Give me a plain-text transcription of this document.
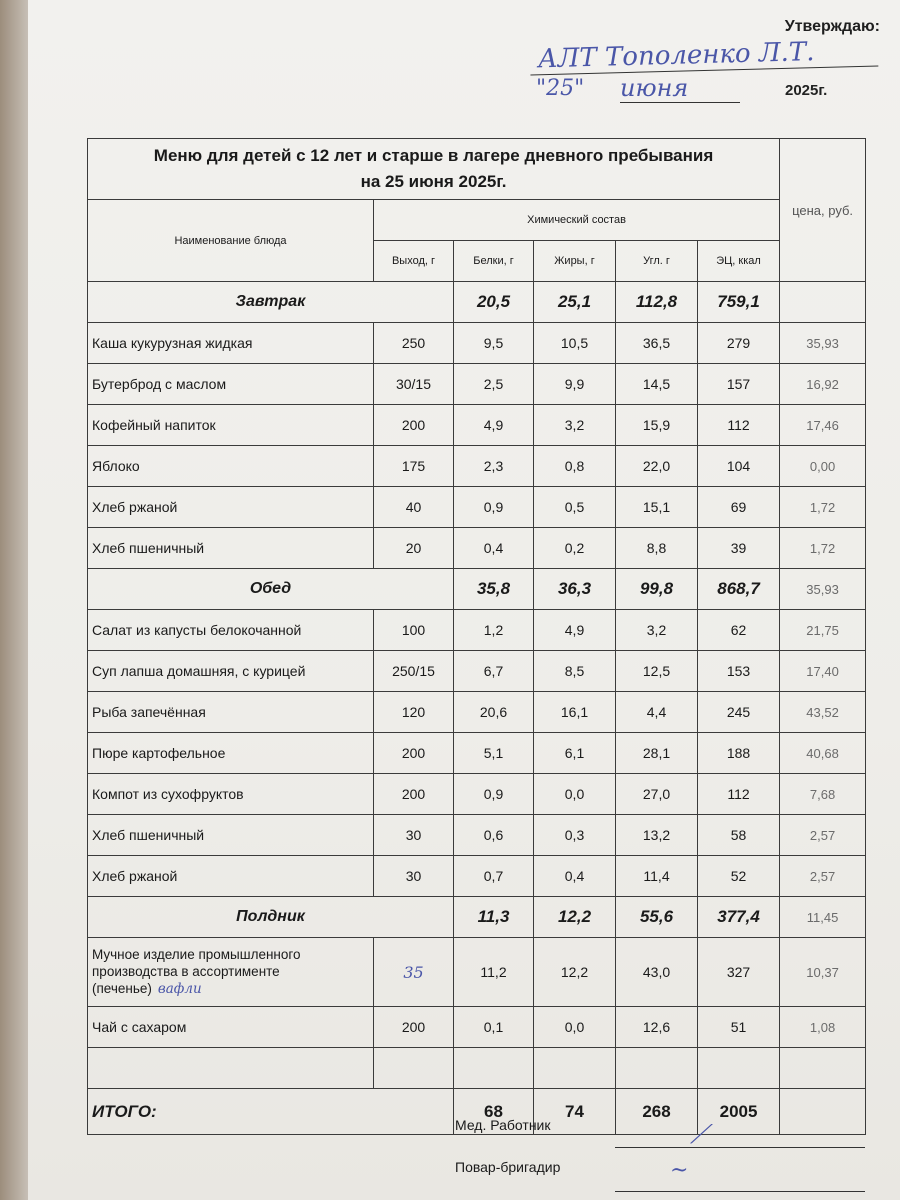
Утверждаю:
АЛТ Тополенко Л.Т.
"25" июня	2025г.
Меню для детей с 12 лет и старше в лагере дневного пребывания
на 25 июня 2025г.						цена, руб.
Наименование блюда	Химический состав					
	Выход, г	Белки, г	Жиры, г	Угл. г	ЭЦ, ккал	
Завтрак		20,5	25,1	112,8	759,1	
Каша кукурузная жидкая	250	9,5	10,5	36,5	279	35,93
Бутерброд с маслом	30/15	2,5	9,9	14,5	157	16,92
Кофейный напиток	200	4,9	3,2	15,9	112	17,46
Яблоко	175	2,3	0,8	22,0	104	0,00
Хлеб ржаной	40	0,9	0,5	15,1	69	1,72
Хлеб пшеничный	20	0,4	0,2	8,8	39	1,72
Обед		35,8	36,3	99,8	868,7	35,93
Салат из капусты белокочанной	100	1,2	4,9	3,2	62	21,75
Суп лапша домашняя, с курицей	250/15	6,7	8,5	12,5	153	17,40
Рыба запечённая	120	20,6	16,1	4,4	245	43,52
Пюре картофельное	200	5,1	6,1	28,1	188	40,68
Компот из сухофруктов	200	0,9	0,0	27,0	112	7,68
Хлеб пшеничный	30	0,6	0,3	13,2	58	2,57
Хлеб ржаной	30	0,7	0,4	11,4	52	2,57
Полдник		11,3	12,2	55,6	377,4	11,45

Мучное изделие промышленного
производства в ассортименте
(печенье) вафли	35	11,2	12,2	43,0	327	10,37
Чай с сахаром	200	0,1	0,0	12,6	51	1,08

ИТОГО:		68	74	268	2005	
Мед. Работник	⟋
Повар-бригадир	~
